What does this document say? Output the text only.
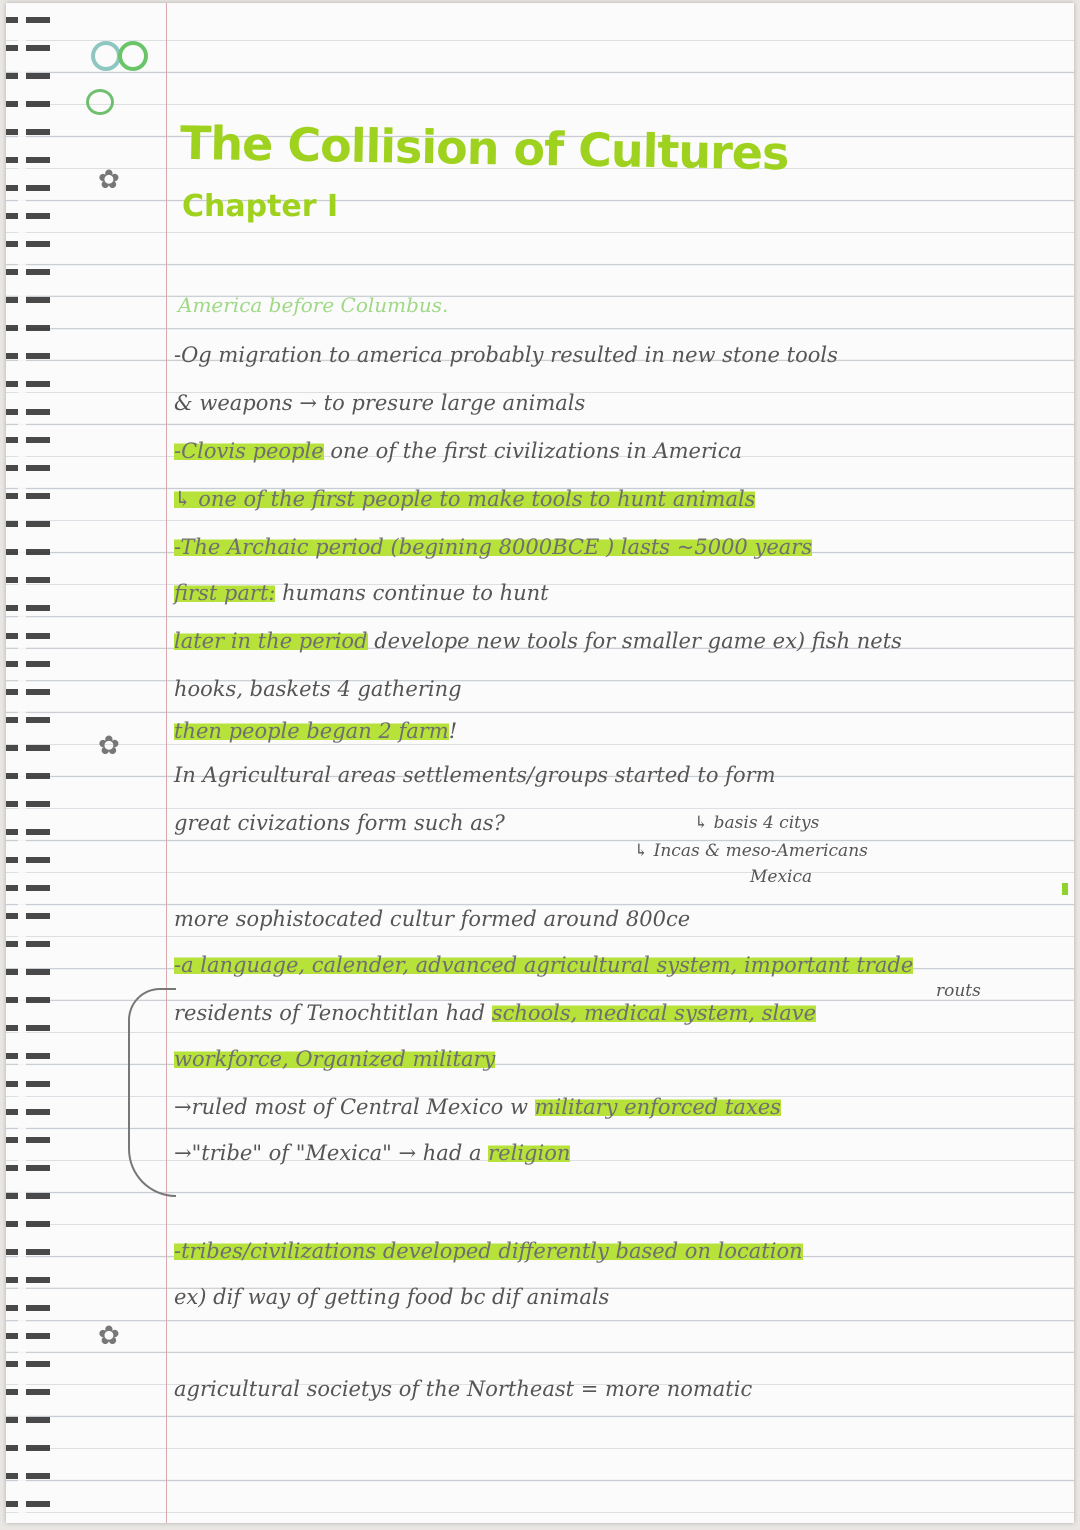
✿
✿
✿
The Collision of Cultures
Chapter I
America before Columbus.
-Og migration to america probably resulted in new stone tools
& weapons → to presure large animals
-Clovis people one of the first civilizations in America
↳ one of the first people to make tools to hunt animals
-The Archaic period (begining 8000BCE ) lasts ~5000 years
first part: humans continue to hunt
later in the period develope new tools for smaller game ex) fish nets
hooks, baskets 4 gathering
then people began 2 farm!
In Agricultural areas settlements/groups started to form
great civizations form such as?	↳ basis 4 citys
↳ Incas & meso-Americans
Mexica
more sophistocated cultur formed around 800ce
-a language, calender, advanced agricultural system, important trade
routs
residents of Tenochtitlan had schools, medical system, slave
workforce, Organized military
→ruled most of Central Mexico w military enforced taxes
→"tribe" of "Mexica" → had a religion
-tribes/civilizations developed differently based on location
ex) dif way of getting food bc dif animals
agricultural societys of the Northeast = more nomatic
